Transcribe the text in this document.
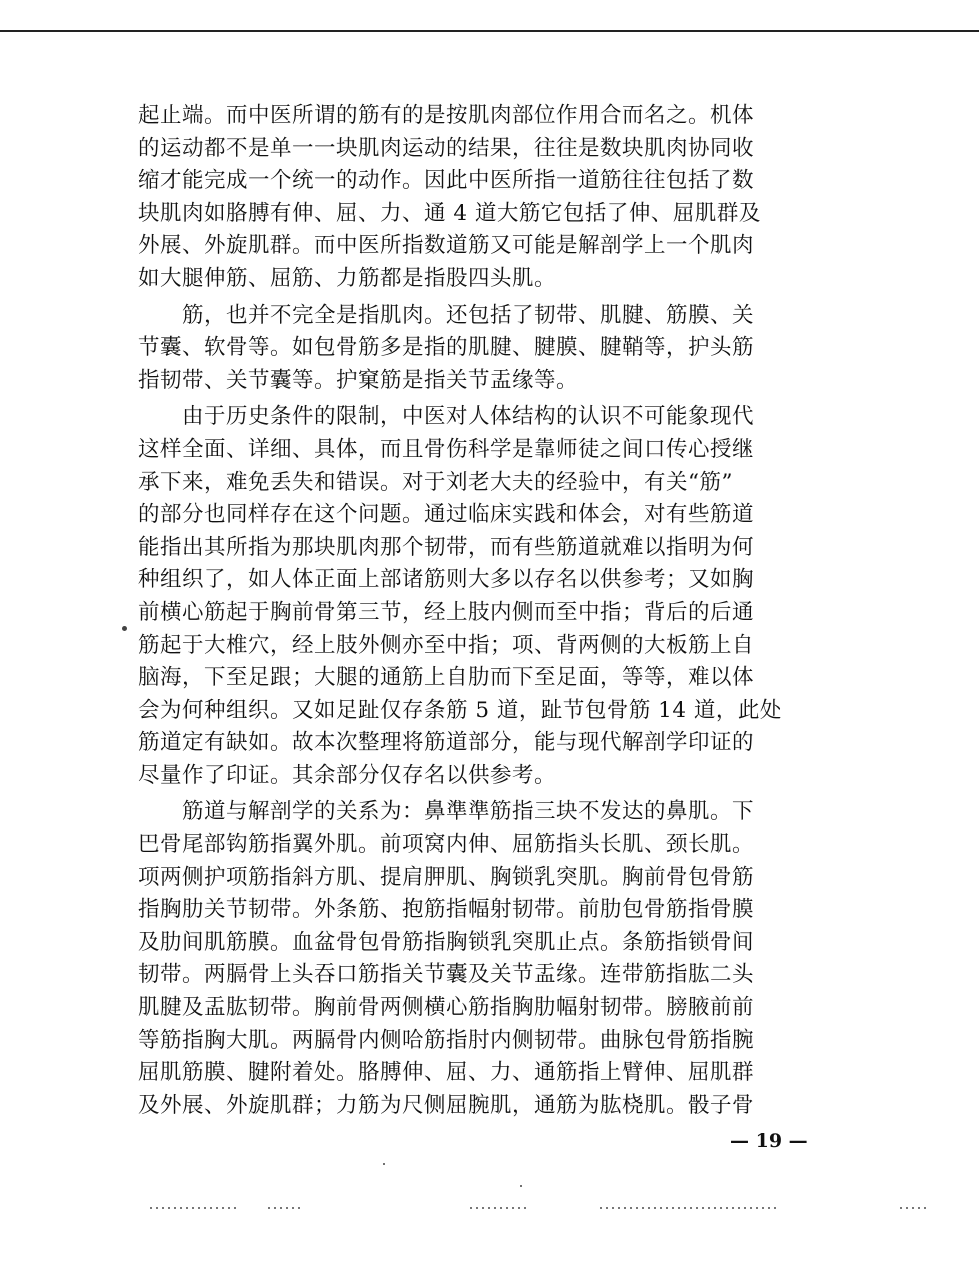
起止端。而中医所谓的筋有的是按肌肉部位作用合而名之。机体
的运动都不是单一一块肌肉运动的结果，往往是数块肌肉协同收
缩才能完成一个统一的动作。因此中医所指一道筋往往包括了数
块肌肉如胳膊有伸、屈、力、通 4 道大筋它包括了伸、屈肌群及
外展、外旋肌群。而中医所指数道筋又可能是解剖学上一个肌肉
如大腿伸筋、屈筋、力筋都是指股四头肌。
筋，也并不完全是指肌肉。还包括了韧带、肌腱、筋膜、关
节囊、软骨等。如包骨筋多是指的肌腱、腱膜、腱鞘等，护头筋
指韧带、关节囊等。护窠筋是指关节盂缘等。
由于历史条件的限制，中医对人体结构的认识不可能象现代
这样全面、详细、具体，而且骨伤科学是靠师徒之间口传心授继
承下来，难免丢失和错误。对于刘老大夫的经验中，有关“筋”
的部分也同样存在这个问题。通过临床实践和体会，对有些筋道
能指出其所指为那块肌肉那个韧带，而有些筋道就难以指明为何
种组织了，如人体正面上部诸筋则大多以存名以供参考；又如胸
前横心筋起于胸前骨第三节，经上肢内侧而至中指；背后的后通
筋起于大椎穴，经上肢外侧亦至中指；项、背两侧的大板筋上自
脑海，下至足跟；大腿的通筋上自肋而下至足面，等等，难以体
会为何种组织。又如足趾仅存条筋 5 道，趾节包骨筋 14 道，此处
筋道定有缺如。故本次整理将筋道部分，能与现代解剖学印证的
尽量作了印证。其余部分仅存名以供参考。
筋道与解剖学的关系为：鼻準準筋指三块不发达的鼻肌。下
巴骨尾部钩筋指翼外肌。前项窝内伸、屈筋指头长肌、颈长肌。
项两侧护项筋指斜方肌、提肩胛肌、胸锁乳突肌。胸前骨包骨筋
指胸肋关节韧带。外条筋、抱筋指幅射韧带。前肋包骨筋指骨膜
及肋间肌筋膜。血盆骨包骨筋指胸锁乳突肌止点。条筋指锁骨间
韧带。两膈骨上头吞口筋指关节囊及关节盂缘。连带筋指肱二头
肌腱及盂肱韧带。胸前骨两侧横心筋指胸肋幅射韧带。膀腋前前
等筋指胸大肌。两膈骨内侧哈筋指肘内侧韧带。曲脉包骨筋指腕
屈肌筋膜、腱附着处。胳膊伸、屈、力、通筋指上臂伸、屈肌群
及外展、外旋肌群；力筋为尺侧屈腕肌，通筋为肱桡肌。骰子骨
— 19 —
